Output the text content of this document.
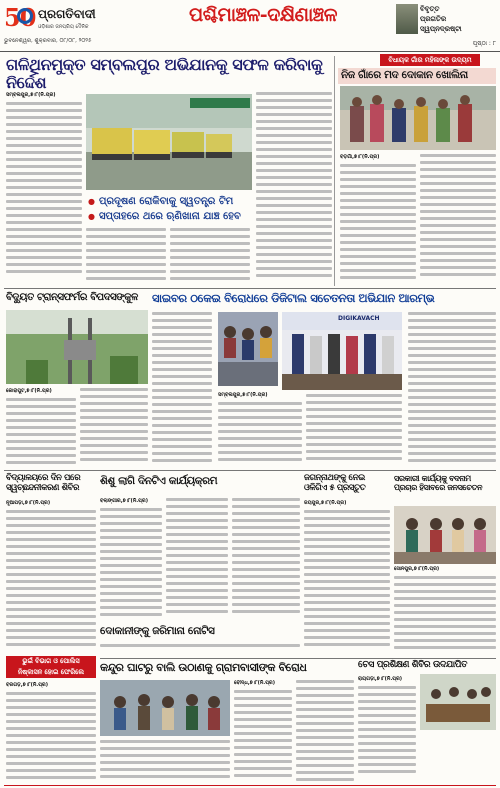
50 ପ୍ରଗତିବାଦୀ
ଓଡ଼ିଶାର ଜନପ୍ରିୟ ଦୈନିକ
ଭୁବନେଶ୍ୱର, ଶୁକ୍ରବାର, ୦୮/୦୮, ୨୦୨୫
ପଶ୍ଚିମାଞ୍ଚଳ-ଦକ୍ଷିଣାଞ୍ଚଳ	ବିବୃତ୍ତ
ପ୍ରଗତିର
ସ୍ୱପ୍ନଦ୍ରଷ୍ଟା
ପୃଷ୍ଠା : ୮
ଗଳିଥିନମୁକ୍ତ ସମ୍ବଲପୁର ଅଭିଯାନକୁ ସଫଳ କରିବାକୁ ନିର୍ଦ୍ଦେଶ
ସମ୍ବଲପୁର,୭।୮(ନି.ପ୍ର)
● ପ୍ରଦୂଷଣ ରୋକିବାକୁ ସ୍ୱତନ୍ତ୍ର ଟିମ
● ସପ୍ତାହରେ ଥରେ ଋଣିଖାନା ଯାଞ୍ଚ ହେବ
ବିଧାୟକ ଗାଁର ମହିଳାଙ୍କ ଉଦ୍ୟମ
ନିଜ ଗାଁରେ ମଦ ଦୋକାନ ଖୋଲିନା
ବଡ଼ଗାଁ,୭।୮(ନି.ପ୍ର)
ବିଦ୍ୟୁତ ଟ୍ରାନ୍ସଫର୍ମର ବିପଦସଙ୍କୁଳ
କୋରାପୁଟ,୭।୮(ନି.ପ୍ର)
ସାଇବର ଠକେଇ ବିରୋଧରେ ଡିଜିଟାଲ ସଚେତନତା ଅଭିଯାନ ଆରମ୍ଭ
DIGIKAVACH
ସମ୍ବଲପୁର,୭।୮(ନି.ପ୍ର)
ବିଦ୍ୟାଳୟରେ ଦିନ ପରେ ସ୍ୱଚ୍ଛନ୍ଦନୀକରଣ ଶିବିର
ନୂଆପଡ଼ା,୭।୮(ନି.ପ୍ର)
ଶିଶୁ ଲାଗି ଦିନଟିଏ କାର୍ଯ୍ୟକ୍ରମ
ବଲାଙ୍ଗୀର,୭।୮(ନି.ପ୍ର)
ଦୋକାନୀଙ୍କୁ ଜରିମାନା ନୋଟିସ
ଜଗନ୍ନାଥଙ୍କୁ ନେଇ ଓଳିଗିଏ ୫ ପ୍ରସ୍ତୁତ
ଜୟପୁର,୭।୮(ନି.ପ୍ର)
ସରକାରୀ କାର୍ଯ୍ୟକୁ ବଦନାମ ପ୍ରଚାର ହିସାବରେ ଜନସଚେତନ
ସୋନପୁର,୭।୮(ନି.ପ୍ର)
ଚେସ ପ୍ରଶିକ୍ଷଣ ଶିବିର ଉଦଯାପିତ
ରାୟଗଡ଼ା,୭।୮(ନି.ପ୍ର)
ଭୁଇଁ ବିଭାଗ ଓ ପୋଲିସ
ନିଷ୍କାସନ ହୋଇ ଫେରିଲେ
ବରଗଡ଼,୭।୮(ନି.ପ୍ର)
କନ୍ଦୁର ଘାଟରୁ ବାଲି ଉଠାଣକୁ ଗ୍ରାମବାସୀଙ୍କ ବିରୋଧ
ବୌଦ୍ଧ,୭।୮(ନି.ପ୍ର)
